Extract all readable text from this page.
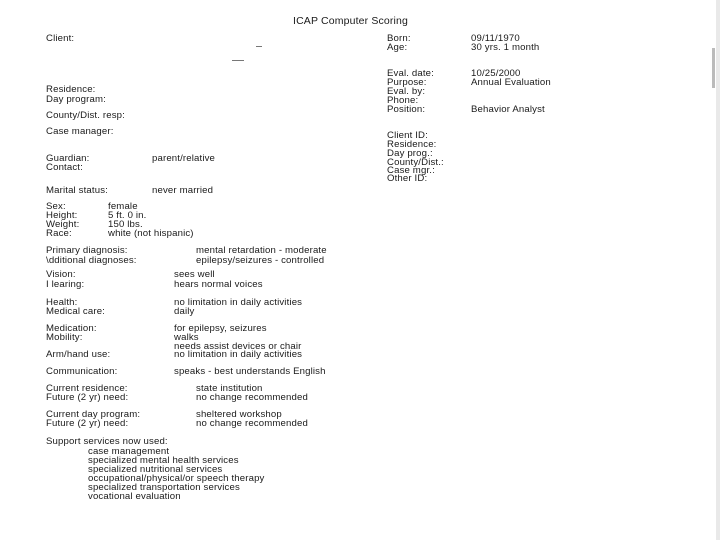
ICAP Computer Scoring
Client:
Residence:
Day program:
County/Dist. resp:
Case manager:
Guardian:	parent/relative
Contact:
Marital status:	never married
Sex:	female
Height:	5 ft. 0 in.
Weight:	150 lbs.
Race:	white (not hispanic)
Primary diagnosis:	mental retardation - moderate
\dditional diagnoses:	epilepsy/seizures - controlled
Vision:	sees well
I learing:	hears normal voices
Health:	no limitation in daily activities
Medical care:	daily
Medication:	for epilepsy, seizures
Mobility:	walks
needs assist devices or chair
Arm/hand use:	no limitation in daily activities
Communication:	speaks - best understands English
Current residence:	state institution
Future (2 yr) need:	no change recommended
Current day program:	sheltered workshop
Future (2 yr) need:	no change recommended
Support services now used:
case management
specialized mental health services
specialized nutritional services
occupational/physical/or speech therapy
specialized transportation services
vocational evaluation
Born:	09/11/1970
Age:	30 yrs. 1 month
Eval. date:	10/25/2000
Purpose:	Annual Evaluation
Eval. by:
Phone:
Position:	Behavior Analyst
Client ID:
Residence:
Day prog.:
County/Dist.:
Case mgr.:
Other ID:
